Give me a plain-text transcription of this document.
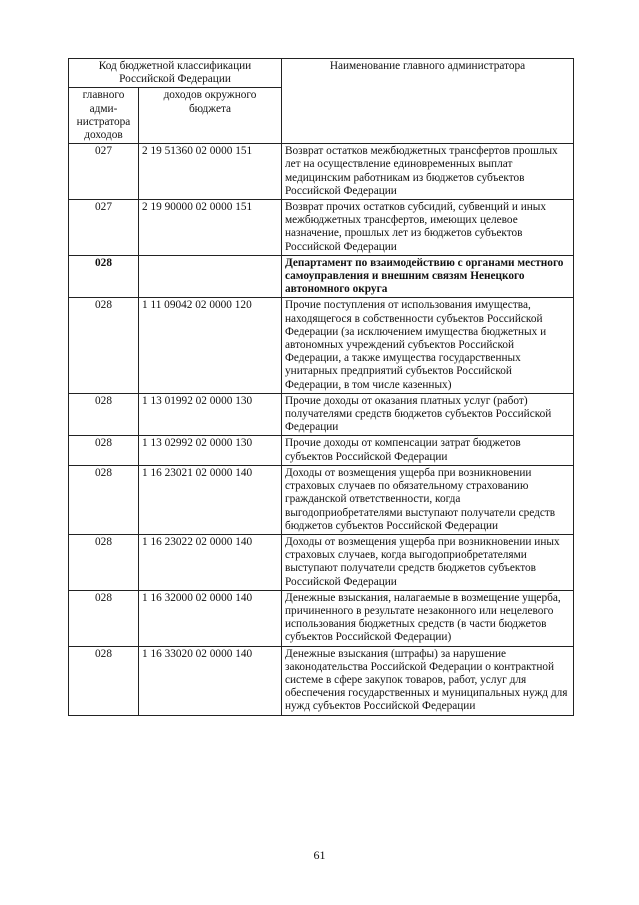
Код бюджетной классификации Российской Федерации		Наименование главного администратора
главного адми-нистратора доходов	доходов окружного бюджета	
027	2 19 51360 02 0000 151	Возврат остатков межбюджетных трансфертов прошлых лет на осуществление единовременных выплат медицинским работникам из бюджетов субъектов Российской Федерации
027	2 19 90000 02 0000 151	Возврат прочих остатков субсидий, субвенций и иных межбюджетных трансфертов, имеющих целевое назначение, прошлых лет из бюджетов субъектов Российской Федерации
028		Департамент по взаимодействию с органами местного самоуправления и внешним связям Ненецкого автономного округа
028	1 11 09042 02 0000 120	Прочие поступления от использования имущества, находящегося в собственности субъектов Российской Федерации (за исключением имущества бюджетных и автономных учреждений субъектов Российской Федерации, а также имущества государственных унитарных предприятий субъектов Российской Федерации, в том числе казенных)
028	1 13 01992 02 0000 130	Прочие доходы от оказания платных услуг (работ) получателями средств бюджетов субъектов Российской Федерации
028	1 13 02992 02 0000 130	Прочие доходы от компенсации затрат бюджетов субъектов Российской Федерации
028	1 16 23021 02 0000 140	Доходы от возмещения ущерба при возникновении страховых случаев по обязательному страхованию гражданской ответственности, когда выгодоприобретателями выступают получатели средств бюджетов субъектов Российской Федерации
028	1 16 23022 02 0000 140	Доходы от возмещения ущерба при возникновении иных страховых случаев, когда выгодоприобретателями выступают получатели средств бюджетов субъектов Российской Федерации
028	1 16 32000 02 0000 140	Денежные взыскания, налагаемые в возмещение ущерба, причиненного в результате незаконного или нецелевого использования бюджетных средств (в части бюджетов субъектов Российской Федерации)
028	1 16 33020 02 0000 140	Денежные взыскания (штрафы) за нарушение законодательства Российской Федерации о контрактной системе в сфере закупок товаров, работ, услуг для обеспечения государственных и муниципальных нужд для нужд субъектов Российской Федерации
61
